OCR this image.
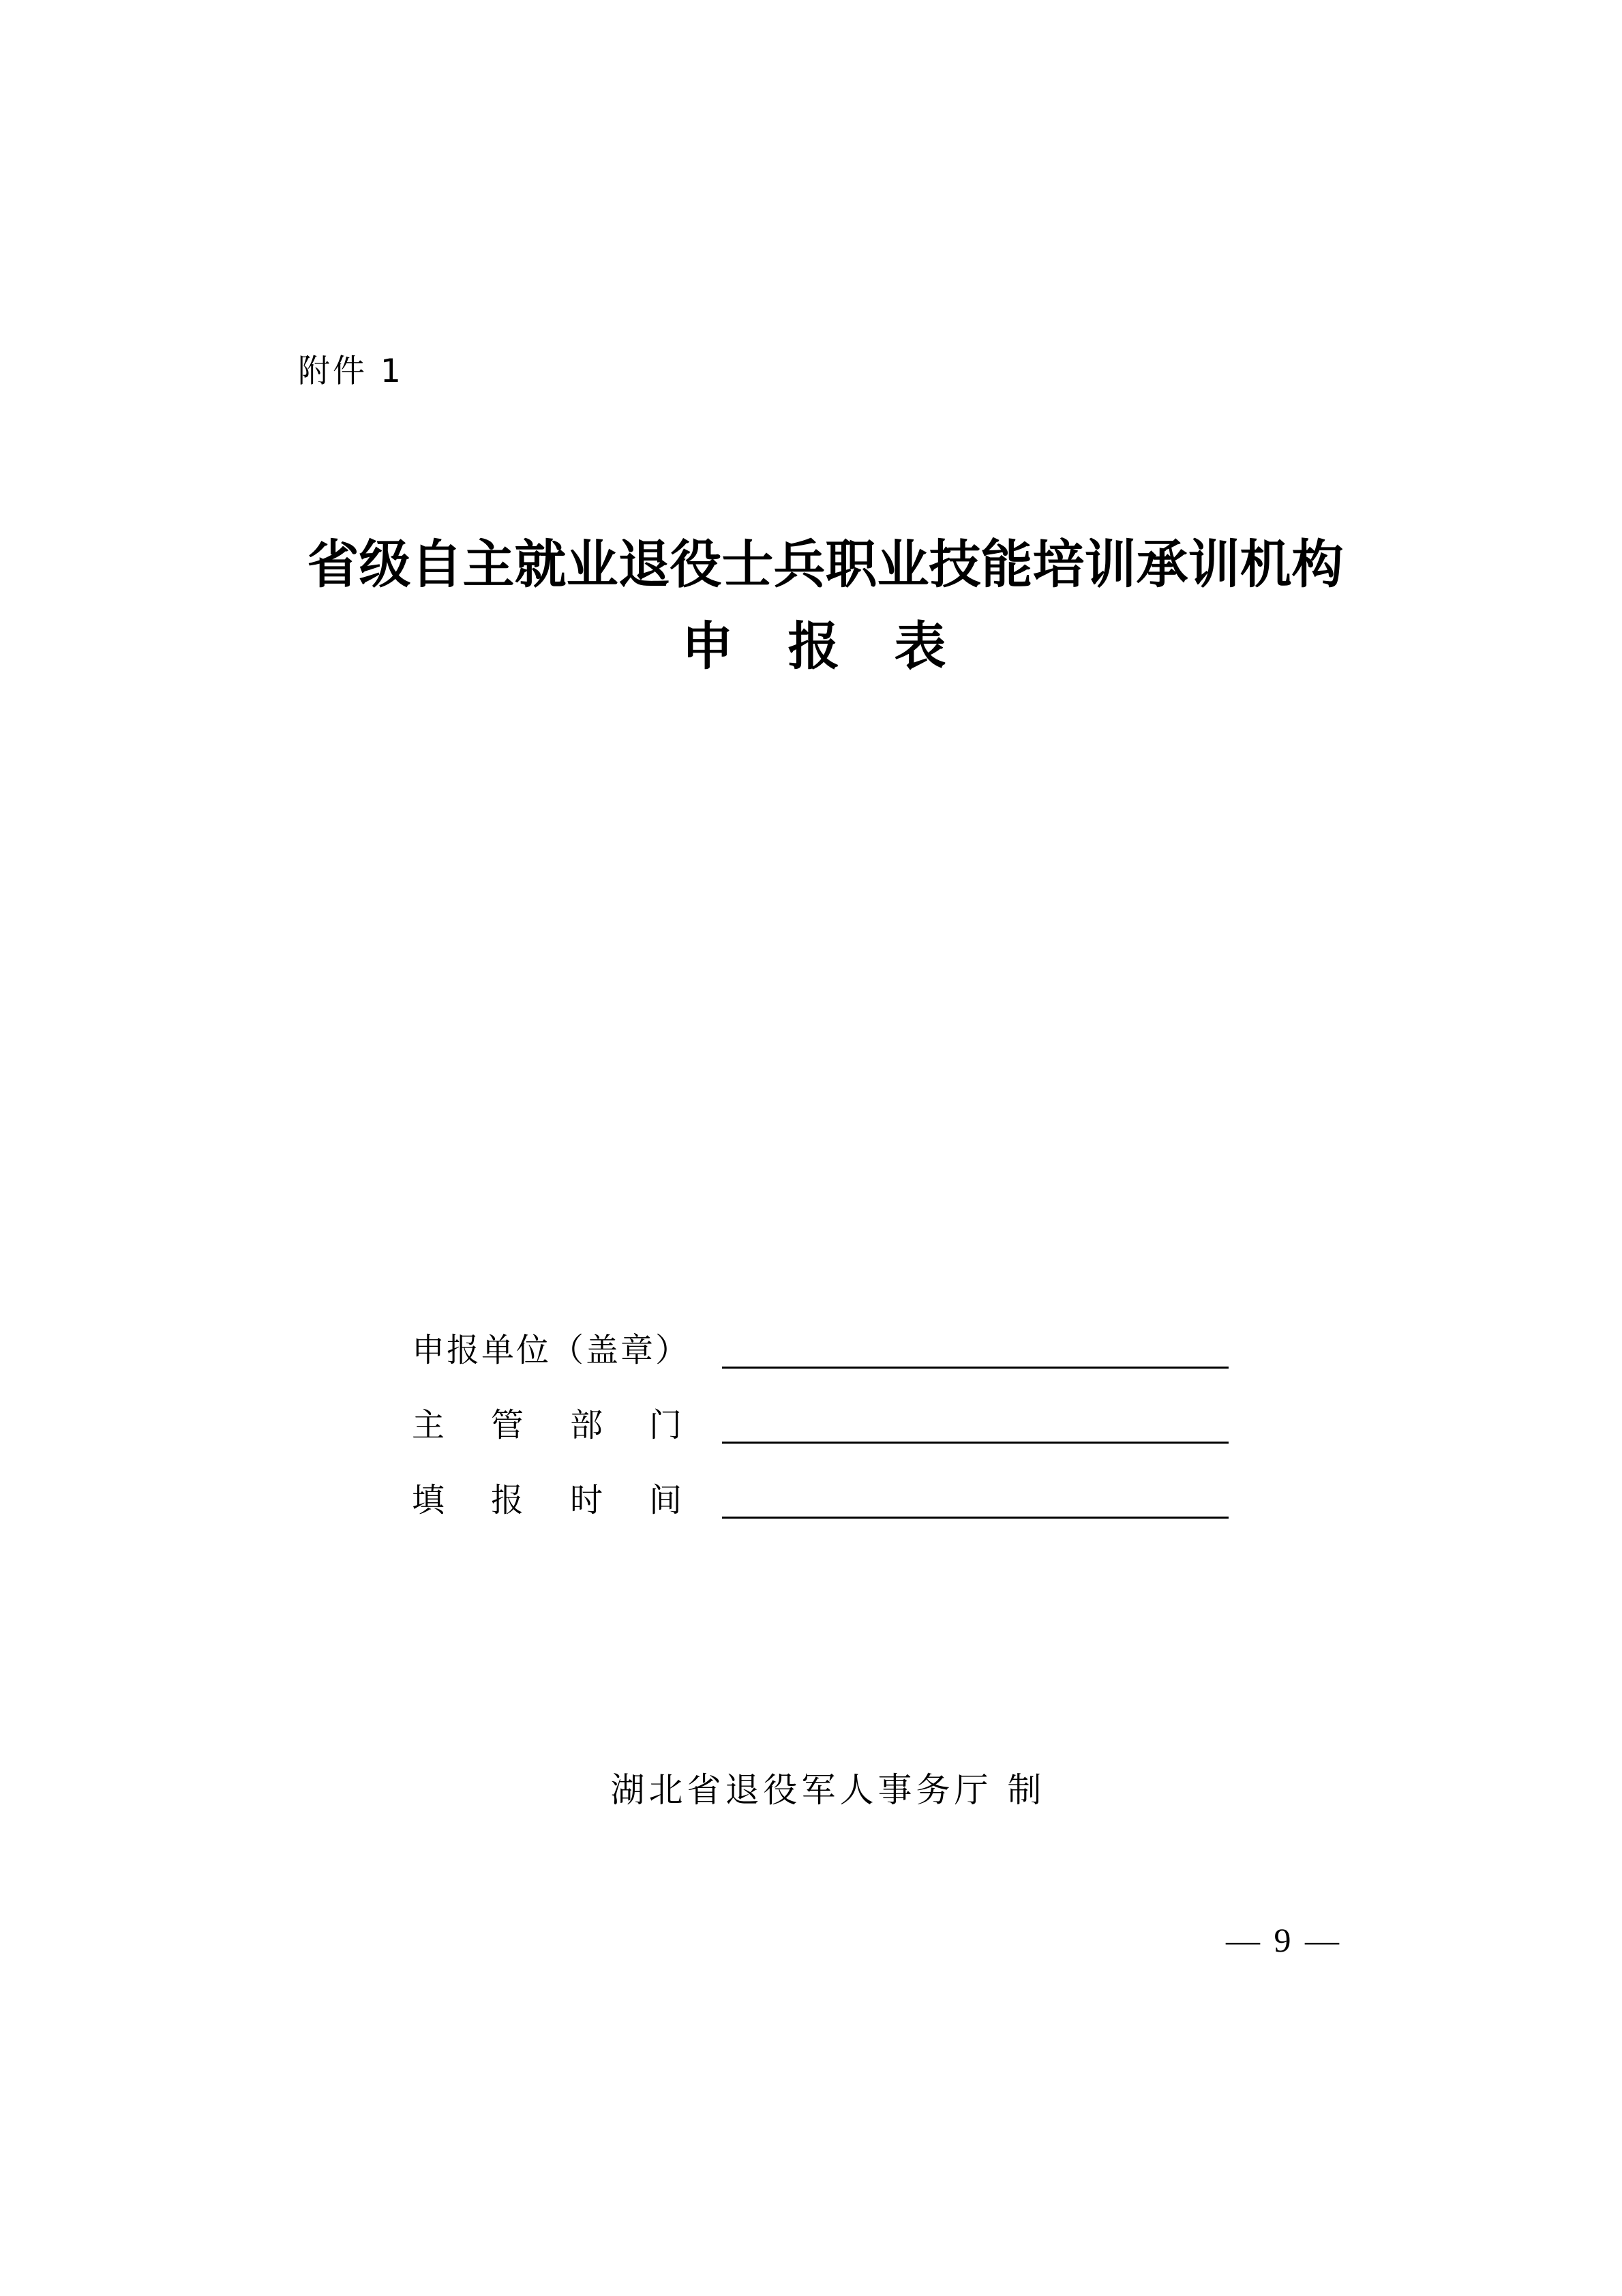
附件 1

省级自主就业退役士兵职业技能培训承训机构
申报表
申报单位（盖章）
主管部门
填报时间

湖北省退役军人事务厅 制

— 9 —
